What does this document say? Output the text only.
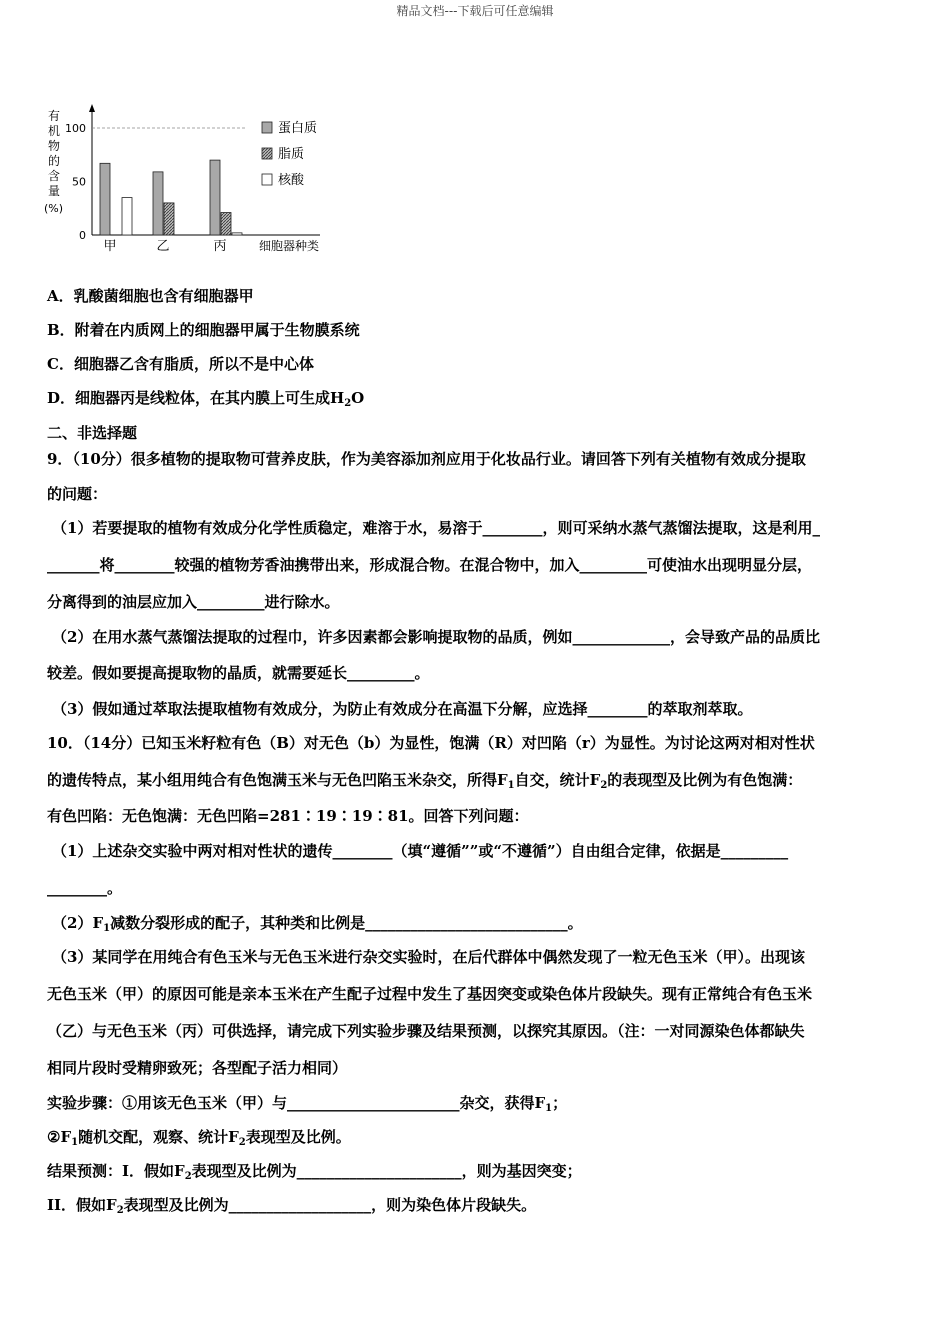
精品文档---下载后可任意编辑
100
50
0
有
机
物
的
含
量
(%)
甲	乙	丙	细胞器种类
蛋白质
脂质
核酸
A．乳酸菌细胞也含有细胞器甲
B．附着在内质网上的细胞器甲属于生物膜系统
C．细胞器乙含有脂质，所以不是中心体
D．细胞器丙是线粒体，在其内膜上可生成$H_2O$
二、非选择题
9．（10分）很多植物的提取物可营养皮肤，作为美容添加剂应用于化妆品行业。请回答下列有关植物有效成分提取
的问题：
（1）若要提取的植物有效成分化学性质稳定，难溶于水，易溶于________，则可采纳水蒸气蒸馏法提取，这是利用_
_______将________较强的植物芳香油携带出来，形成混合物。在混合物中，加入_________可使油水出现明显分层，
分离得到的油层应加入_________进行除水。
（2）在用水蒸气蒸馏法提取的过程巾，许多因素都会影响提取物的品质，例如_____________，会导致产品的品质比
较差。假如要提高提取物的晶质，就需要延长_________。
（3）假如通过萃取法提取植物有效成分，为防止有效成分在高温下分解，应选择________的萃取剂萃取。
10．（14分）已知玉米籽粒有色（B）对无色（b）为显性，饱满（R）对凹陷（r）为显性。为讨论这两对相对性状
的遗传特点，某小组用纯合有色饱满玉米与无色凹陷玉米杂交，所得$F_1$自交，统计$F_2$的表现型及比例为有色饱满：
有色凹陷：无色饱满：无色凹陷=281∶19∶19∶81。回答下列问题：
（1）上述杂交实验中两对相对性状的遗传________（填“遵循””或“不遵循”）自由组合定律，依据是_________
________。
$(2)F_1$减数分裂形成的配子，其种类和比例是___________________________。
（3）某同学在用纯合有色玉米与无色玉米进行杂交实验时，在后代群体中偶然发现了一粒无色玉米（甲）。出现该
无色玉米（甲）的原因可能是亲本玉米在产生配子过程中发生了基因突变或染色体片段缺失。现有正常纯合有色玉米
（乙）与无色玉米（丙）可供选择，请完成下列实验步骤及结果预测，以探究其原因。（注：一对同源染色体都缺失
相同片段时受精卵致死；各型配子活力相同）
实验步骤：①用该无色玉米（甲）与_______________________杂交，获得$F_1$；
$②F_1$随机交配，观察、统计$F_2$表现型及比例。
结果预测：I．假如$F_2$表现型及比例为______________________，则为基因突变；
II．假如$F_2$表现型及比例为___________________，则为染色体片段缺失。
